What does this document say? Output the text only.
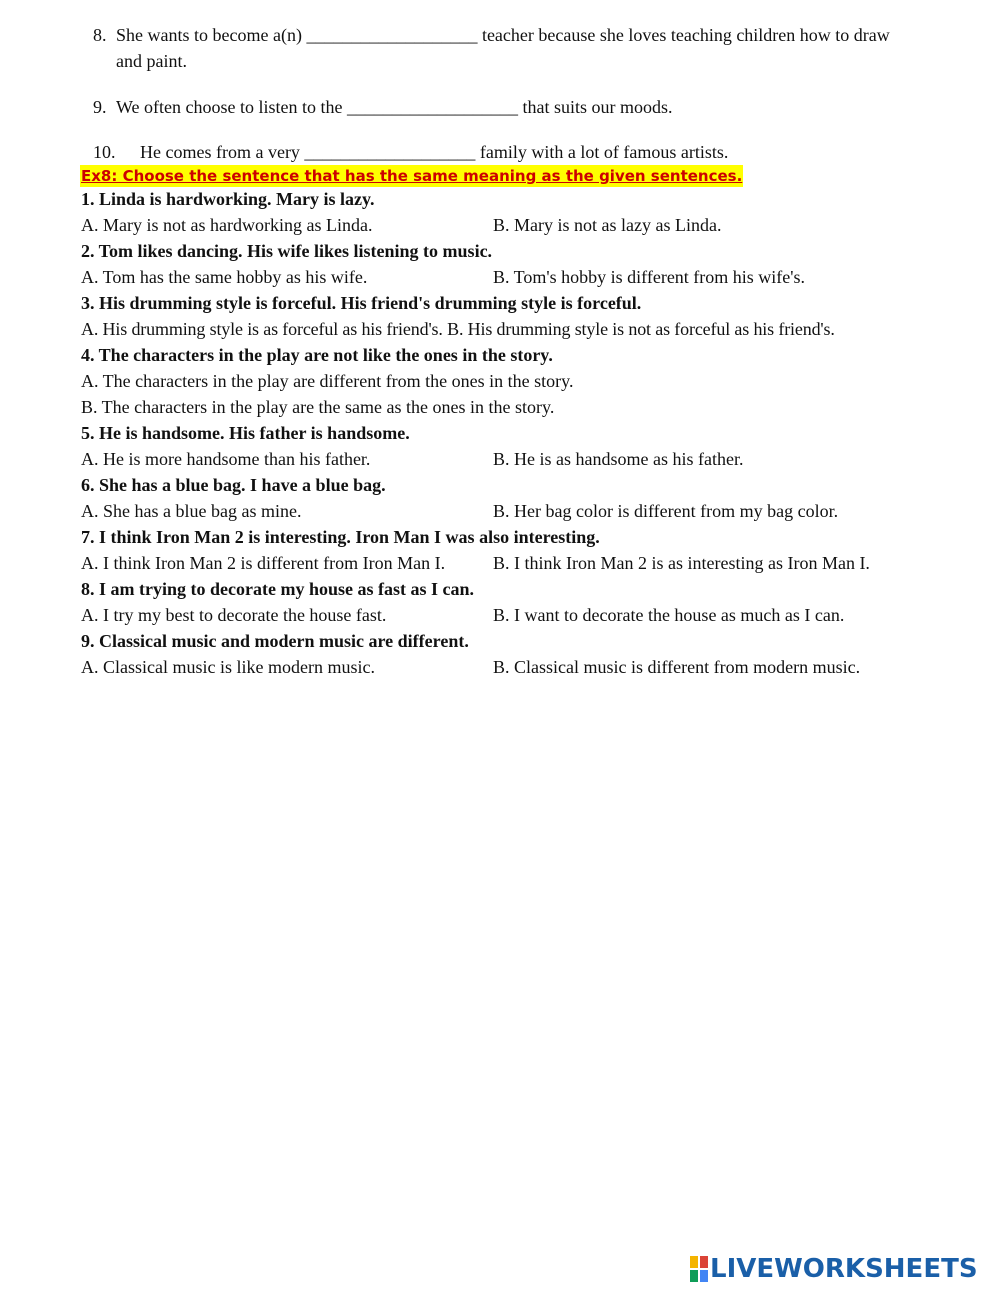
8. She wants to become a(n) ___________________ teacher because she loves teaching children how to draw
and paint.
9. We often choose to listen to the ___________________ that suits our moods.
10. He comes from a very ___________________ family with a lot of famous artists.
Ex8: Choose the sentence that has the same meaning as the given sentences.
1. Linda is hardworking. Mary is lazy.
A. Mary is not as hardworking as Linda.	B. Mary is not as lazy as Linda.
2. Tom likes dancing. His wife likes listening to music.
A. Tom has the same hobby as his wife.	B. Tom's hobby is different from his wife's.
3. His drumming style is forceful. His friend's drumming style is forceful.
A. His drumming style is as forceful as his friend's. B. His drumming style is not as forceful as his friend's.
4. The characters in the play are not like the ones in the story.
A. The characters in the play are different from the ones in the story.
B. The characters in the play are the same as the ones in the story.
5. He is handsome. His father is handsome.
A. He is more handsome than his father.	B. He is as handsome as his father.
6. She has a blue bag. I have a blue bag.
A. She has a blue bag as mine.	B. Her bag color is different from my bag color.
7. I think Iron Man 2 is interesting. Iron Man I was also interesting.
A. I think Iron Man 2 is different from Iron Man I.	B. I think Iron Man 2 is as interesting as Iron Man I.
8. I am trying to decorate my house as fast as I can.
A. I try my best to decorate the house fast.	B. I want to decorate the house as much as I can.
9. Classical music and modern music are different.
A. Classical music is like modern music.	B. Classical music is different from modern music.
LIVEWORKSHEETS
